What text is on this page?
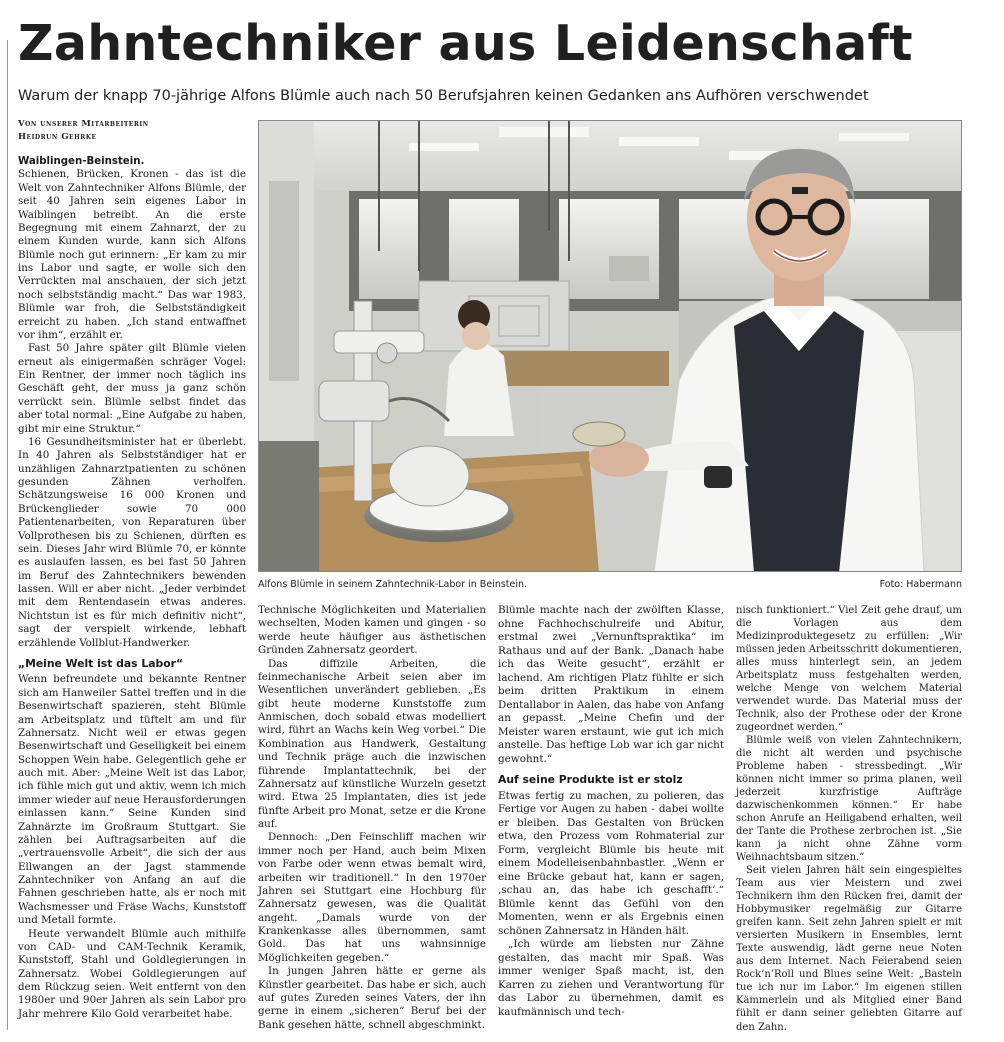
Zahntechniker aus Leidenschaft

Warum der knapp 70-jährige Alfons Blümle auch nach 50 Berufsjahren keinen Gedanken ans Aufhören verschwendet

Von unserer Mitarbeiterin
Heidrun Gehrke

Waiblingen-Beinstein.

Schienen, Brücken, Kronen - das ist die Welt von Zahntechniker Alfons Blümle, der seit 40 Jahren sein eigenes Labor in Waiblingen betreibt. An die erste Begegnung mit einem Zahnarzt, der zu einem Kunden wurde, kann sich Alfons Blümle noch gut erinnern: „Er kam zu mir ins Labor und sagte, er wolle sich den Verrückten mal anschauen, der sich jetzt noch selbstständig macht.“ Das war 1983, Blümle war froh, die Selbstständigkeit erreicht zu haben. „Ich stand entwaffnet vor ihm“, erzählt er.

Fast 50 Jahre später gilt Blümle vielen erneut als einigermaßen schräger Vogel: Ein Rentner, der immer noch täglich ins Geschäft geht, der muss ja ganz schön verrückt sein. Blümle selbst findet das aber total normal: „Eine Aufgabe zu haben, gibt mir eine Struktur.“

16 Gesundheitsminister hat er überlebt. In 40 Jahren als Selbstständiger hat er unzähligen Zahnarztpatienten zu schönen gesunden Zähnen verholfen. Schätzungsweise 16 000 Kronen und Brückenglieder sowie 70 000 Patientenarbeiten, von Reparaturen über Vollprothesen bis zu Schienen, dürften es sein. Dieses Jahr wird Blümle 70, er könnte es auslaufen lassen, es bei fast 50 Jahren im Beruf des Zahntechnikers bewenden lassen. Will er aber nicht. „Jeder verbindet mit dem Rentendasein etwas anderes. Nichtstun ist es für mich definitiv nicht“, sagt der verspielt wirkende, lebhaft erzählende Vollblut-Handwerker.

„Meine Welt ist das Labor“

Wenn befreundete und bekannte Rentner sich am Hanweiler Sattel treffen und in die Besenwirtschaft spazieren, steht Blümle am Arbeitsplatz und tüftelt am und für Zahnersatz. Nicht weil er etwas gegen Besenwirtschaft und Geselligkeit bei einem Schoppen Wein habe. Gelegentlich gehe er auch mit. Aber: „Meine Welt ist das Labor, ich fühle mich gut und aktiv, wenn ich mich immer wieder auf neue Herausforderungen einlassen kann.“ Seine Kunden sind Zahnärzte im Großraum Stuttgart. Sie zählen bei Auftragsarbeiten auf die „vertrauensvolle Arbeit“, die sich der aus Ellwangen an der Jagst stammende Zahntechniker von Anfang an auf die Fahnen geschrieben hatte, als er noch mit Wachsmesser und Fräse Wachs, Kunststoff und Metall formte.

Heute verwandelt Blümle auch mithilfe von CAD- und CAM-Technik Keramik, Kunststoff, Stahl und Goldlegierungen in Zahnersatz. Wobei Goldlegierungen auf dem Rückzug seien. Weit entfernt von den 1980er und 90er Jahren als sein Labor pro Jahr mehrere Kilo Gold verarbeitet habe.

Alfons Blümle in seinem Zahntechnik-Labor in Beinstein.	Foto: Habermann

Technische Möglichkeiten und Materialien wechselten, Moden kamen und gingen - so werde heute häufiger aus ästhetischen Gründen Zahnersatz geordert.

Das diffizile Arbeiten, die feinmechanische Arbeit seien aber im Wesentlichen unverändert geblieben. „Es gibt heute moderne Kunststoffe zum Anmischen, doch sobald etwas modelliert wird, führt an Wachs kein Weg vorbei.“ Die Kombination aus Handwerk, Gestaltung und Technik präge auch die inzwischen führende Implantattechnik, bei der Zahnersatz auf künstliche Wurzeln gesetzt wird. Etwa 25 Implantaten, dies ist jede fünfte Arbeit pro Monat, setze er die Krone auf.

Dennoch: „Den Feinschliff machen wir immer noch per Hand, auch beim Mixen von Farbe oder wenn etwas bemalt wird, arbeiten wir traditionell.“ In den 1970er Jahren sei Stuttgart eine Hochburg für Zahnersatz gewesen, was die Qualität angeht. „Damals wurde von der Krankenkasse alles übernommen, samt Gold. Das hat uns wahnsinnige Möglichkeiten gegeben.“

In jungen Jahren hätte er gerne als Künstler gearbeitet. Das habe er sich, auch auf gutes Zureden seines Vaters, der ihn gerne in einem „sicheren“ Beruf bei der Bank gesehen hätte, schnell abgeschminkt.

Blümle machte nach der zwölften Klasse, ohne Fachhochschulreife und Abitur, erstmal zwei „Vernunftspraktika“ im Rathaus und auf der Bank. „Danach habe ich das Weite gesucht“, erzählt er lachend. Am richtigen Platz fühlte er sich beim dritten Praktikum in einem Dentallabor in Aalen, das habe von Anfang an gepasst. „Meine Chefin und der Meister waren erstaunt, wie gut ich mich anstelle. Das heftige Lob war ich gar nicht gewohnt.“

Auf seine Produkte ist er stolz

Etwas fertig zu machen, zu polieren, das Fertige vor Augen zu haben - dabei wollte er bleiben. Das Gestalten von Brücken etwa, den Prozess vom Rohmaterial zur Form, vergleicht Blümle bis heute mit einem Modelleisenbahnbastler. „Wenn er eine Brücke gebaut hat, kann er sagen, ‚schau an, das habe ich geschafft‘.“ Blümle kennt das Gefühl von den Momenten, wenn er als Ergebnis einen schönen Zahnersatz in Händen hält.

„Ich würde am liebsten nur Zähne gestalten, das macht mir Spaß. Was immer weniger Spaß macht, ist, den Karren zu ziehen und Verantwortung für das Labor zu übernehmen, damit es kaufmännisch und tech-

nisch funktioniert.“ Viel Zeit gehe drauf, um die Vorlagen aus dem Medizinproduktegesetz zu erfüllen: „Wir müssen jeden Arbeitsschritt dokumentieren, alles muss hinterlegt sein, an jedem Arbeitsplatz muss festgehalten werden, welche Menge von welchem Material verwendet wurde. Das Material muss der Technik, also der Prothese oder der Krone zugeordnet werden.“

Blümle weiß von vielen Zahntechnikern, die nicht alt werden und psychische Probleme haben - stressbedingt. „Wir können nicht immer so prima planen, weil jederzeit kurzfristige Aufträge dazwischenkommen können.“ Er habe schon Anrufe an Heiligabend erhalten, weil der Tante die Prothese zerbrochen ist. „Sie kann ja nicht ohne Zähne vorm Weihnachtsbaum sitzen.“

Seit vielen Jahren hält sein eingespieltes Team aus vier Meistern und zwei Technikern ihm den Rücken frei, damit der Hobbymusiker regelmäßig zur Gitarre greifen kann. Seit zehn Jahren spielt er mit versierten Musikern in Ensembles, lernt Texte auswendig, lädt gerne neue Noten aus dem Internet. Nach Feierabend seien Rock’n’Roll und Blues seine Welt: „Basteln tue ich nur im Labor.“ Im eigenen stillen Kämmerlein und als Mitglied einer Band fühlt er dann seiner geliebten Gitarre auf den Zahn.
